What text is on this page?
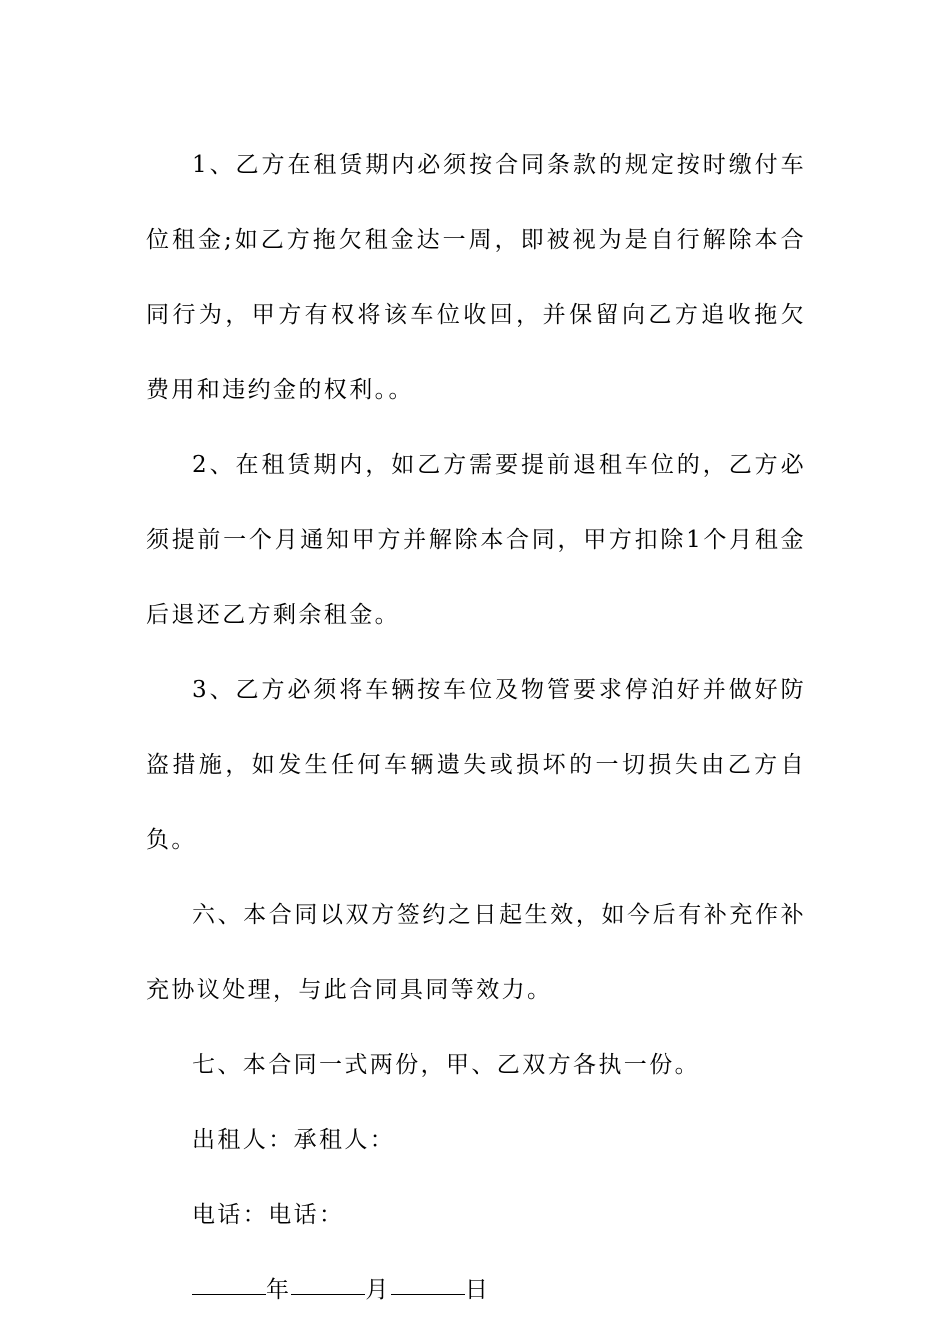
1、乙方在租赁期内必须按合同条款的规定按时缴付车位租金;如乙方拖欠租金达一周，即被视为是自行解除本合同行为，甲方有权将该车位收回，并保留向乙方追收拖欠费用和违约金的权利。。

2、在租赁期内，如乙方需要提前退租车位的，乙方必须提前一个月通知甲方并解除本合同，甲方扣除1个月租金后退还乙方剩余租金。

3、乙方必须将车辆按车位及物管要求停泊好并做好防盗措施，如发生任何车辆遗失或损坏的一切损失由乙方自负。

六、本合同以双方签约之日起生效，如今后有补充作补充协议处理，与此合同具同等效力。

七、本合同一式两份，甲、乙双方各执一份。

出租人：承租人：

电话：电话：

年	月	日
